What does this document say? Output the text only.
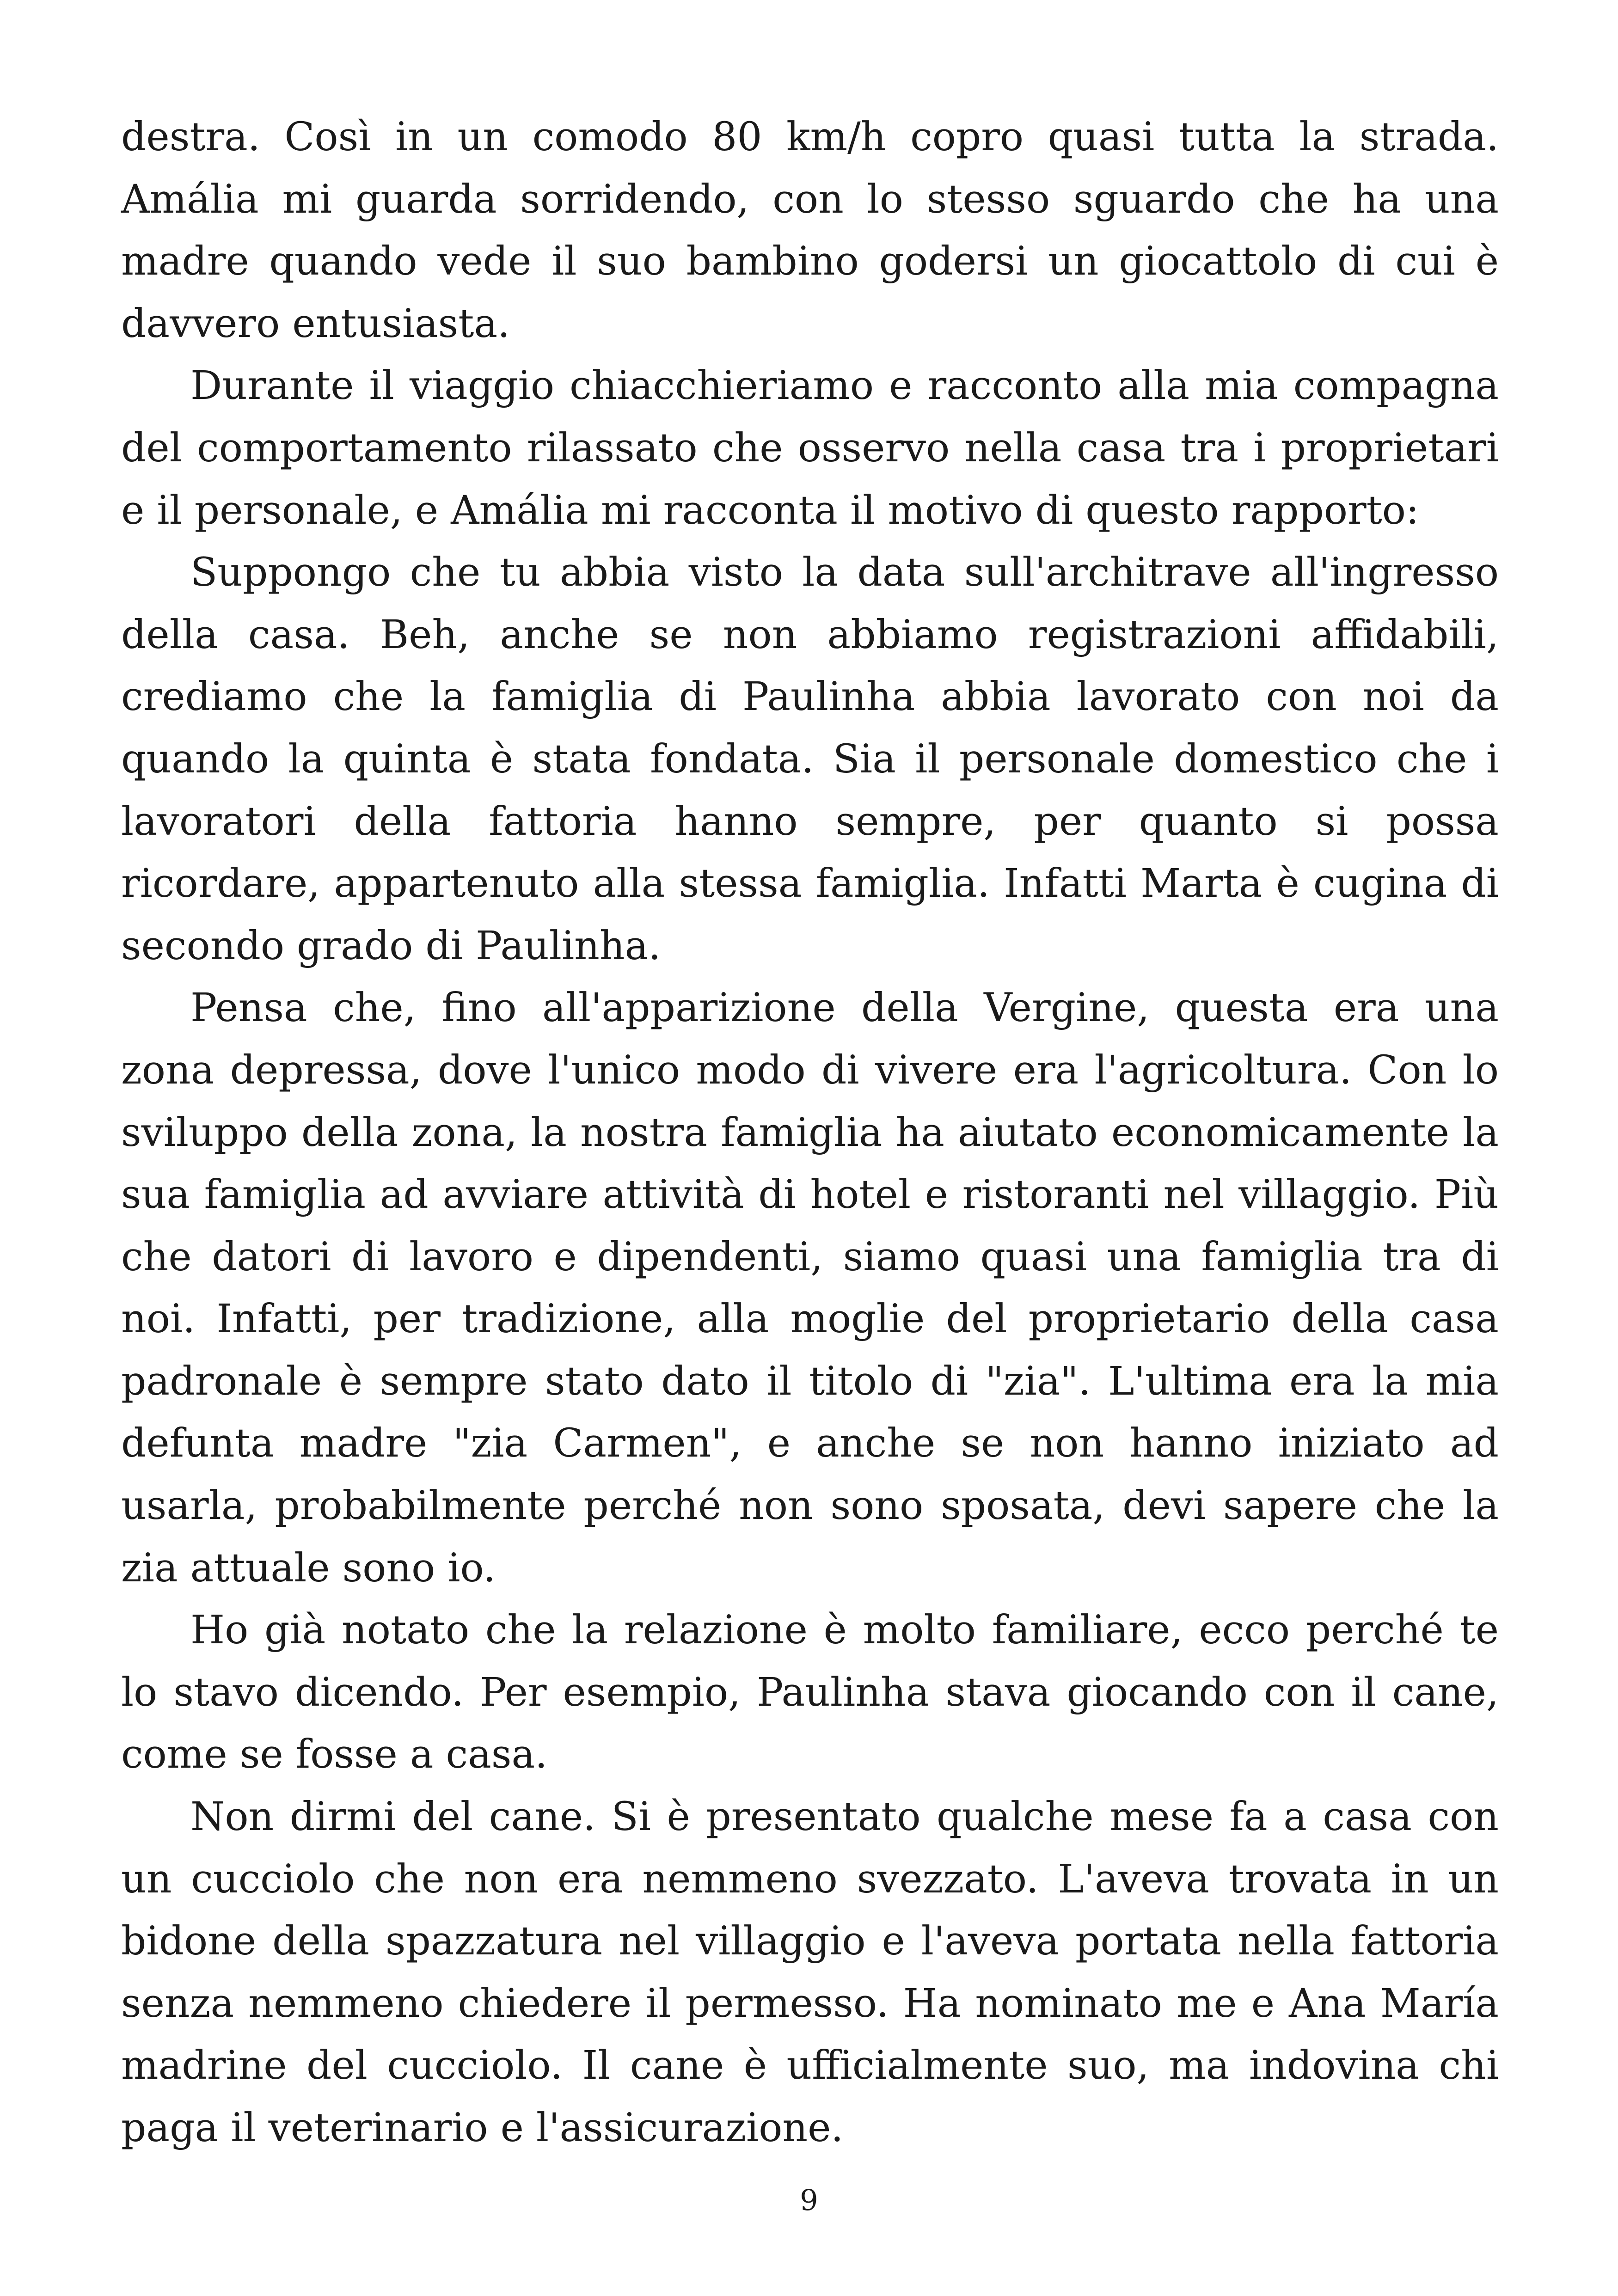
destra. Così in un comodo 80 km/h copro quasi tutta la strada. Amália mi guarda sorridendo, con lo stesso sguardo che ha una madre quando vede il suo bambino godersi un giocattolo di cui è davvero entusiasta.

Durante il viaggio chiacchieriamo e racconto alla mia compagna del comportamento rilassato che osservo nella casa tra i proprietari e il personale, e Amália mi racconta il motivo di questo rapporto:

Suppongo che tu abbia visto la data sull'architrave all'ingresso della casa. Beh, anche se non abbiamo registrazioni affidabili, crediamo che la famiglia di Paulinha abbia lavorato con noi da quando la quinta è stata fondata. Sia il personale domestico che i lavoratori della fattoria hanno sempre, per quanto si possa ricordare, appartenuto alla stessa famiglia. Infatti Marta è cugina di secondo grado di Paulinha.

Pensa che, fino all'apparizione della Vergine, questa era una zona depressa, dove l'unico modo di vivere era l'agricoltura. Con lo sviluppo della zona, la nostra famiglia ha aiutato economicamente la sua famiglia ad avviare attività di hotel e ristoranti nel villaggio. Più che datori di lavoro e dipendenti, siamo quasi una famiglia tra di noi. Infatti, per tradizione, alla moglie del proprietario della casa padronale è sempre stato dato il titolo di "zia". L'ultima era la mia defunta madre "zia Carmen", e anche se non hanno iniziato ad usarla, probabilmente perché non sono sposata, devi sapere che la zia attuale sono io.

Ho già notato che la relazione è molto familiare, ecco perché te lo stavo dicendo. Per esempio, Paulinha stava giocando con il cane, come se fosse a casa.

Non dirmi del cane. Si è presentato qualche mese fa a casa con un cucciolo che non era nemmeno svezzato. L'aveva trovata in un bidone della spazzatura nel villaggio e l'aveva portata nella fattoria senza nemmeno chiedere il permesso. Ha nominato me e Ana María madrine del cucciolo. Il cane è ufficialmente suo, ma indovina chi paga il veterinario e l'assicurazione.

9
